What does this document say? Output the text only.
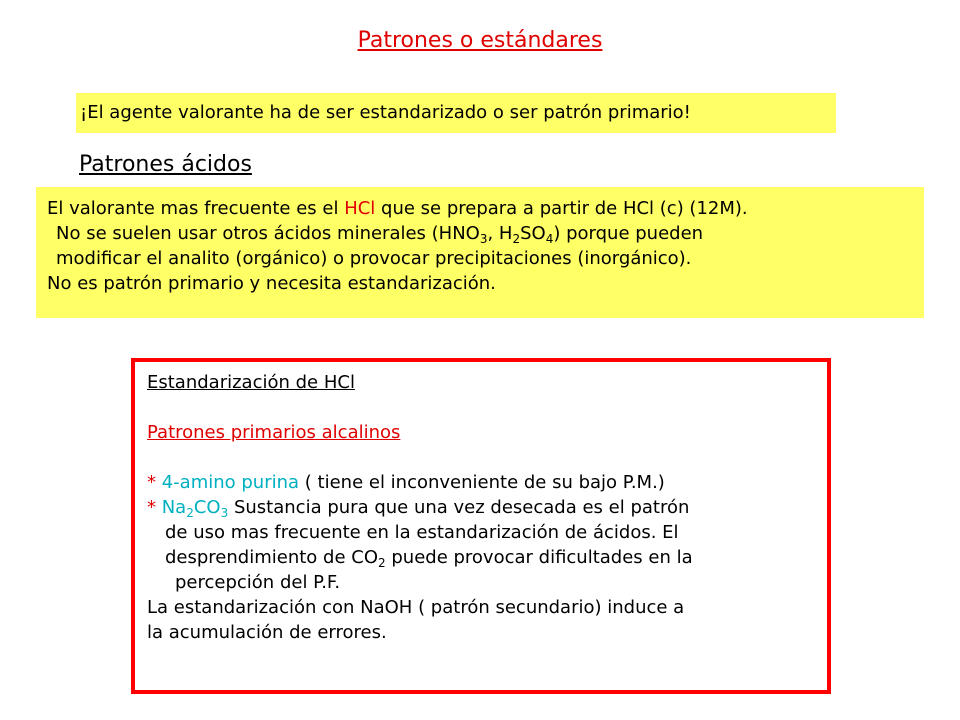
Patrones o estándares
¡El agente valorante ha de ser estandarizado o ser patrón primario!
Patrones ácidos

El valorante mas frecuente es el HCl que se prepara a partir de HCl (c) (12M).

No se suelen usar otros ácidos minerales ($HNO_3$, $H_2SO_4$) porque pueden

modificar el analito (orgánico) o provocar precipitaciones (inorgánico).

No es patrón primario y necesita estandarización.

Estandarización de HCl

Patrones primarios alcalinos

* 4-amino purina ( tiene el inconveniente de su bajo P.M.)

* $Na_2CO_3$ Sustancia pura que una vez desecada es el patrón

de uso mas frecuente en la estandarización de ácidos. El

desprendimiento de $CO_2$ puede provocar dificultades en la

percepción del P.F.

La estandarización con NaOH ( patrón secundario) induce a

la acumulación de errores.
